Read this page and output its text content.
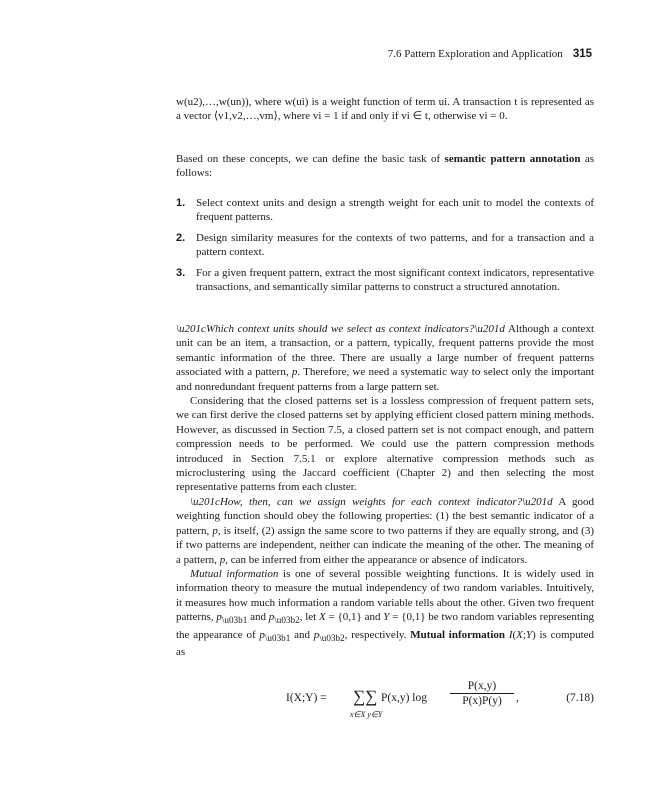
7.6 Pattern Exploration and Application 315

w(u2),…,w(un)), where w(ui) is a weight function of term ui. A transaction t is represented as a vector ⟨v1,v2,…,vm⟩, where vi = 1 if and only if vi ∈ t, otherwise vi = 0.

Based on these concepts, we can define the basic task of semantic pattern annotation as follows:

1. Select context units and design a strength weight for each unit to model the contexts of frequent patterns.
2. Design similarity measures for the contexts of two patterns, and for a transaction and a pattern context.
3. For a given frequent pattern, extract the most significant context indicators, representative transactions, and semantically similar patterns to construct a structured annotation.

\u201cWhich context units should we select as context indicators?\u201d Although a context unit can be an item, a transaction, or a pattern, typically, frequent patterns provide the most semantic information of the three. There are usually a large number of frequent patterns associated with a pattern, p. Therefore, we need a systematic way to select only the important and nonredundant frequent patterns from a large pattern set.

Considering that the closed patterns set is a lossless compression of frequent pattern sets, we can first derive the closed patterns set by applying efficient closed pattern mining methods. However, as discussed in Section 7.5, a closed pattern set is not compact enough, and pattern compression needs to be performed. We could use the pattern compression methods introduced in Section 7.5.1 or explore alternative compression methods such as microclustering using the Jaccard coefficient (Chapter 2) and then selecting the most representative patterns from each cluster.

\u201cHow, then, can we assign weights for each context indicator?\u201d A good weighting function should obey the following properties: (1) the best semantic indicator of a pattern, p, is itself, (2) assign the same score to two patterns if they are equally strong, and (3) if two patterns are independent, neither can indicate the meaning of the other. The meaning of a pattern, p, can be inferred from either the appearance or absence of indicators.

Mutual information is one of several possible weighting functions. It is widely used in information theory to measure the mutual independency of two random variables. Intuitively, it measures how much information a random variable tells about the other. Given two frequent patterns, $p_{\backslash u03b1}$ and $p_{\backslash u03b2}$, let X = {0,1} and Y = {0,1} be two random variables representing the appearance of $p_{\backslash u03b1}$ and $p_{\backslash u03b2}$, respectively. Mutual information I(X;Y) is computed as

I(X;Y) = ∑∑
x∈X y∈Y
P(x,y) $\log \frac{P(x,y)}{P(x)P(y)}$ ,	(7.18)
